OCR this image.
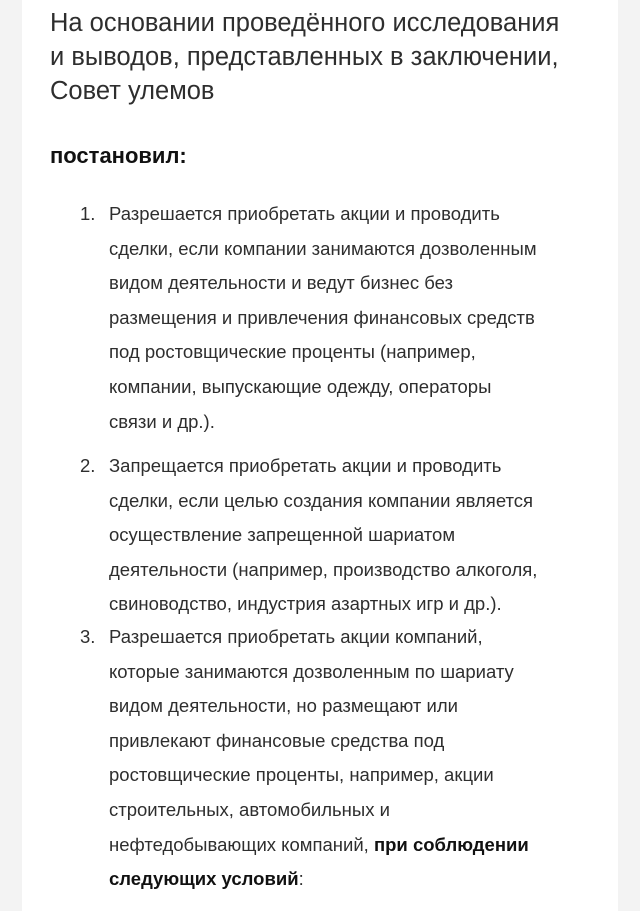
На основании проведённого исследования
и выводов, представленных в заключении,
Совет улемов
постановил:
1. Разрешается приобретать акции и проводить
сделки, если компании занимаются дозволенным
видом деятельности и ведут бизнес без
размещения и привлечения финансовых средств
под ростовщические проценты (например,
компании, выпускающие одежду, операторы
связи и др.).
2. Запрещается приобретать акции и проводить
сделки, если целью создания компании является
осуществление запрещенной шариатом
деятельности (например, производство алкоголя,
свиноводство, индустрия азартных игр и др.).
3. Разрешается приобретать акции компаний,
которые занимаются дозволенным по шариату
видом деятельности, но размещают или
привлекают финансовые средства под
ростовщические проценты, например, акции
строительных, автомобильных и
нефтедобывающих компаний, при соблюдении
следующих условий:
